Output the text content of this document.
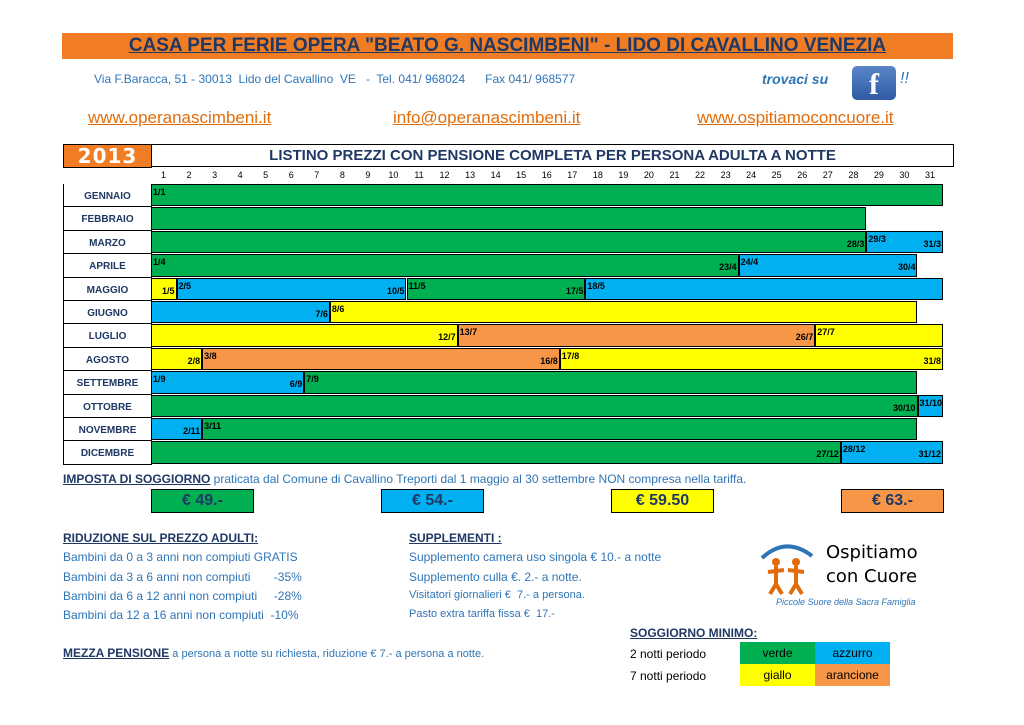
CASA PER FERIE OPERA "BEATO G. NASCIMBENI" - LIDO DI CAVALLINO VENEZIA
Via F.Baracca, 51 - 30013  Lido del Cavallino  VE   -  Tel. 041/ 968024      Fax 041/ 968577	trovaci su	f	!!
www.operanascimbeni.it	info@operanascimbeni.it	www.ospitiamoconcuore.it
2013	LISTINO PREZZI CON PENSIONE COMPLETA PER PERSONA ADULTA A NOTTE
1	2	3	4	5	6	7	8	9	10	11	12	13	14	15	16	17	18	19	20	21	22	23	24	25	26	27	28	29	30	31
GENNAIO	1/1
FEBBRAIO
MARZO	28/3 29/3	31/3
APRILE	1/4	23/4 24/4	30/4
MAGGIO	1/5 2/5	10/5 11/5	17/5 18/5
GIUGNO	7/6 8/6
LUGLIO	12/7 13/7	26/7 27/7
AGOSTO	2/8 3/8	16/8 17/8	31/8
SETTEMBRE	1/9	6/9 7/9
OTTOBRE	30/10 31/10
NOVEMBRE	2/11 3/11
DICEMBRE	27/12 28/12	31/12
IMPOSTA DI SOGGIORNO praticata dal Comune di Cavallino Treporti dal 1 maggio al 30 settembre NON compresa nella tariffa.
€ 49.-	€ 54.-	€ 59.50	€ 63.-
RIDUZIONE SUL PREZZO ADULTI:
Bambini da 0 a 3 anni non compiuti GRATIS
Bambini da 3 a 6 anni non compiuti       -35%
Bambini da 6 a 12 anni non compiuti     -28%
Bambini da 12 a 16 anni non compiuti  -10%
SUPPLEMENTI :
Supplemento camera uso singola € 10.- a notte
Supplemento culla €. 2.- a notte.
Visitatori giornalieri €  7.- a persona.
Pasto extra tariffa fissa €  17.-
MEZZA PENSIONE a persona a notte su richiesta, riduzione € 7.- a persona a notte.
Ospitiamo
con Cuore
Piccole Suore della Sacra Famiglia
SOGGIORNO MINIMO:
2 notti periodo	verde	azzurro
7 notti periodo	giallo	arancione
